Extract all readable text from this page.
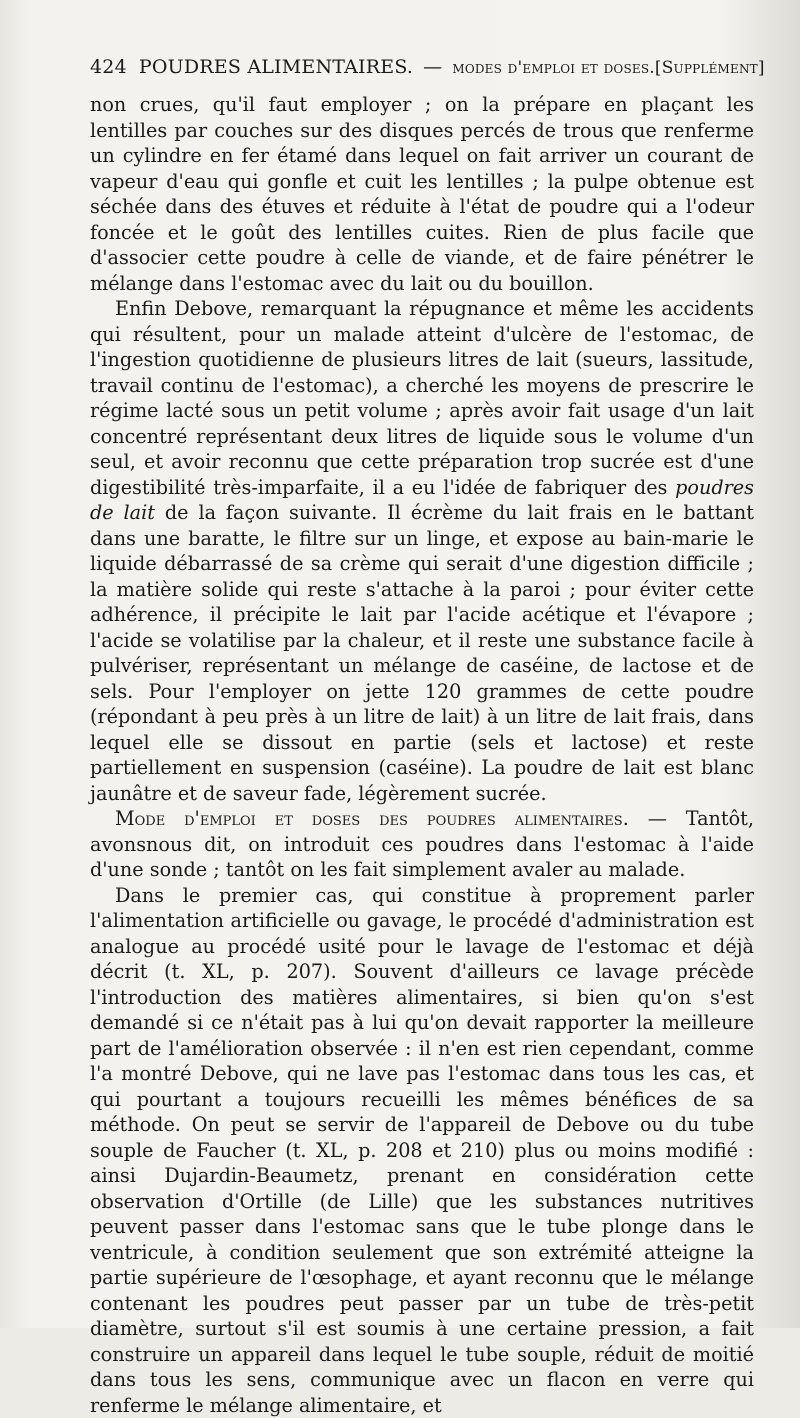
424 POUDRES ALIMENTAIRES. — modes d'emploi et doses. [Supplément]

non crues, qu'il faut employer ; on la prépare en plaçant les lentilles par couches sur des disques percés de trous que renferme un cylindre en fer étamé dans lequel on fait arriver un courant de vapeur d'eau qui gonfle et cuit les lentilles ; la pulpe obtenue est séchée dans des étuves et réduite à l'état de poudre qui a l'odeur foncée et le goût des lentilles cuites. Rien de plus facile que d'associer cette poudre à celle de viande, et de faire pénétrer le mélange dans l'estomac avec du lait ou du bouillon.

Enfin Debove, remarquant la répugnance et même les accidents qui résultent, pour un malade atteint d'ulcère de l'estomac, de l'ingestion quotidienne de plusieurs litres de lait (sueurs, lassitude, travail continu de l'estomac), a cherché les moyens de prescrire le régime lacté sous un petit volume ; après avoir fait usage d'un lait concentré représentant deux litres de liquide sous le volume d'un seul, et avoir reconnu que cette préparation trop sucrée est d'une digestibilité très-imparfaite, il a eu l'idée de fabriquer des poudres de lait de la façon suivante. Il écrème du lait frais en le battant dans une baratte, le filtre sur un linge, et expose au bain-marie le liquide débarrassé de sa crème qui serait d'une digestion difficile ; la matière solide qui reste s'attache à la paroi ; pour éviter cette adhérence, il précipite le lait par l'acide acétique et l'évapore ; l'acide se volatilise par la chaleur, et il reste une substance facile à pulvériser, représentant un mélange de caséine, de lactose et de sels. Pour l'employer on jette 120 grammes de cette poudre (répondant à peu près à un litre de lait) à un litre de lait frais, dans lequel elle se dissout en partie (sels et lactose) et reste partiellement en suspension (caséine). La poudre de lait est blanc jaunâtre et de saveur fade, légèrement sucrée.

Mode d'emploi et doses des poudres alimentaires. — Tantôt, avonsnous dit, on introduit ces poudres dans l'estomac à l'aide d'une sonde ; tantôt on les fait simplement avaler au malade.

Dans le premier cas, qui constitue à proprement parler l'alimentation artificielle ou gavage, le procédé d'administration est analogue au procédé usité pour le lavage de l'estomac et déjà décrit (t. XL, p. 207). Souvent d'ailleurs ce lavage précède l'introduction des matières alimentaires, si bien qu'on s'est demandé si ce n'était pas à lui qu'on devait rapporter la meilleure part de l'amélioration observée : il n'en est rien cependant, comme l'a montré Debove, qui ne lave pas l'estomac dans tous les cas, et qui pourtant a toujours recueilli les mêmes bénéfices de sa méthode. On peut se servir de l'appareil de Debove ou du tube souple de Faucher (t. XL, p. 208 et 210) plus ou moins modifié : ainsi Dujardin-Beaumetz, prenant en considération cette observation d'Ortille (de Lille) que les substances nutritives peuvent passer dans l'estomac sans que le tube plonge dans le ventricule, à condition seulement que son extrémité atteigne la partie supérieure de l'œsophage, et ayant reconnu que le mélange contenant les poudres peut passer par un tube de très-petit diamètre, surtout s'il est soumis à une certaine pression, a fait construire un appareil dans lequel le tube souple, réduit de moitié dans tous les sens, communique avec un flacon en verre qui renferme le mélange alimentaire, et
